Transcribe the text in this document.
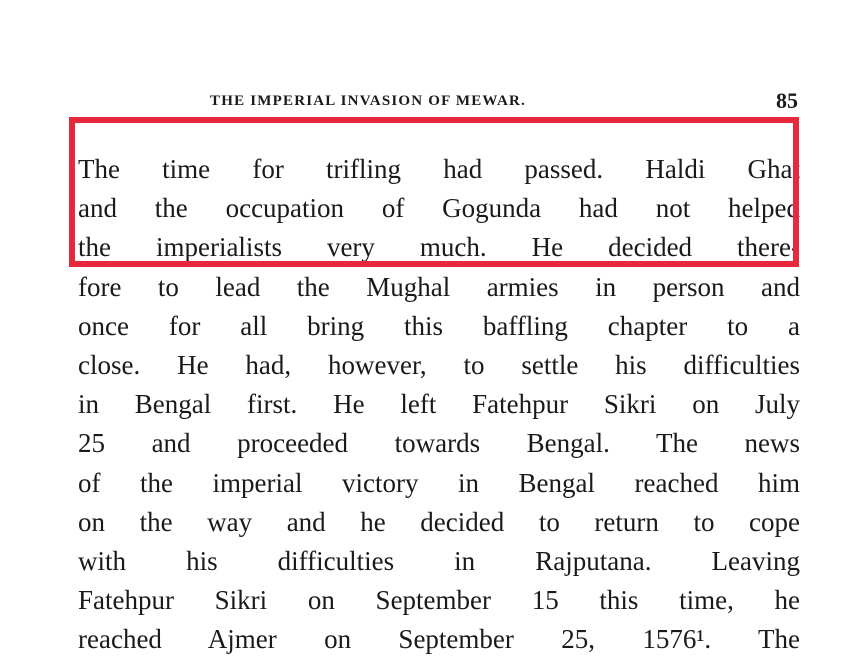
THE IMPERIAL INVASION OF MEWAR.	85
The time for trifling had passed. Haldi Ghat
and the occupation of Gogunda had not helped
the imperialists very much. He decided there-
fore to lead the Mughal armies in person and
once for all bring this baffling chapter to a
close. He had, however, to settle his difficulties
in Bengal first. He left Fatehpur Sikri on July
25 and proceeded towards Bengal. The news
of the imperial victory in Bengal reached him
on the way and he decided to return to cope
with his difficulties in Rajputana. Leaving
Fatehpur Sikri on September 15 this time, he
reached Ajmer on September 25, 1576¹. The
